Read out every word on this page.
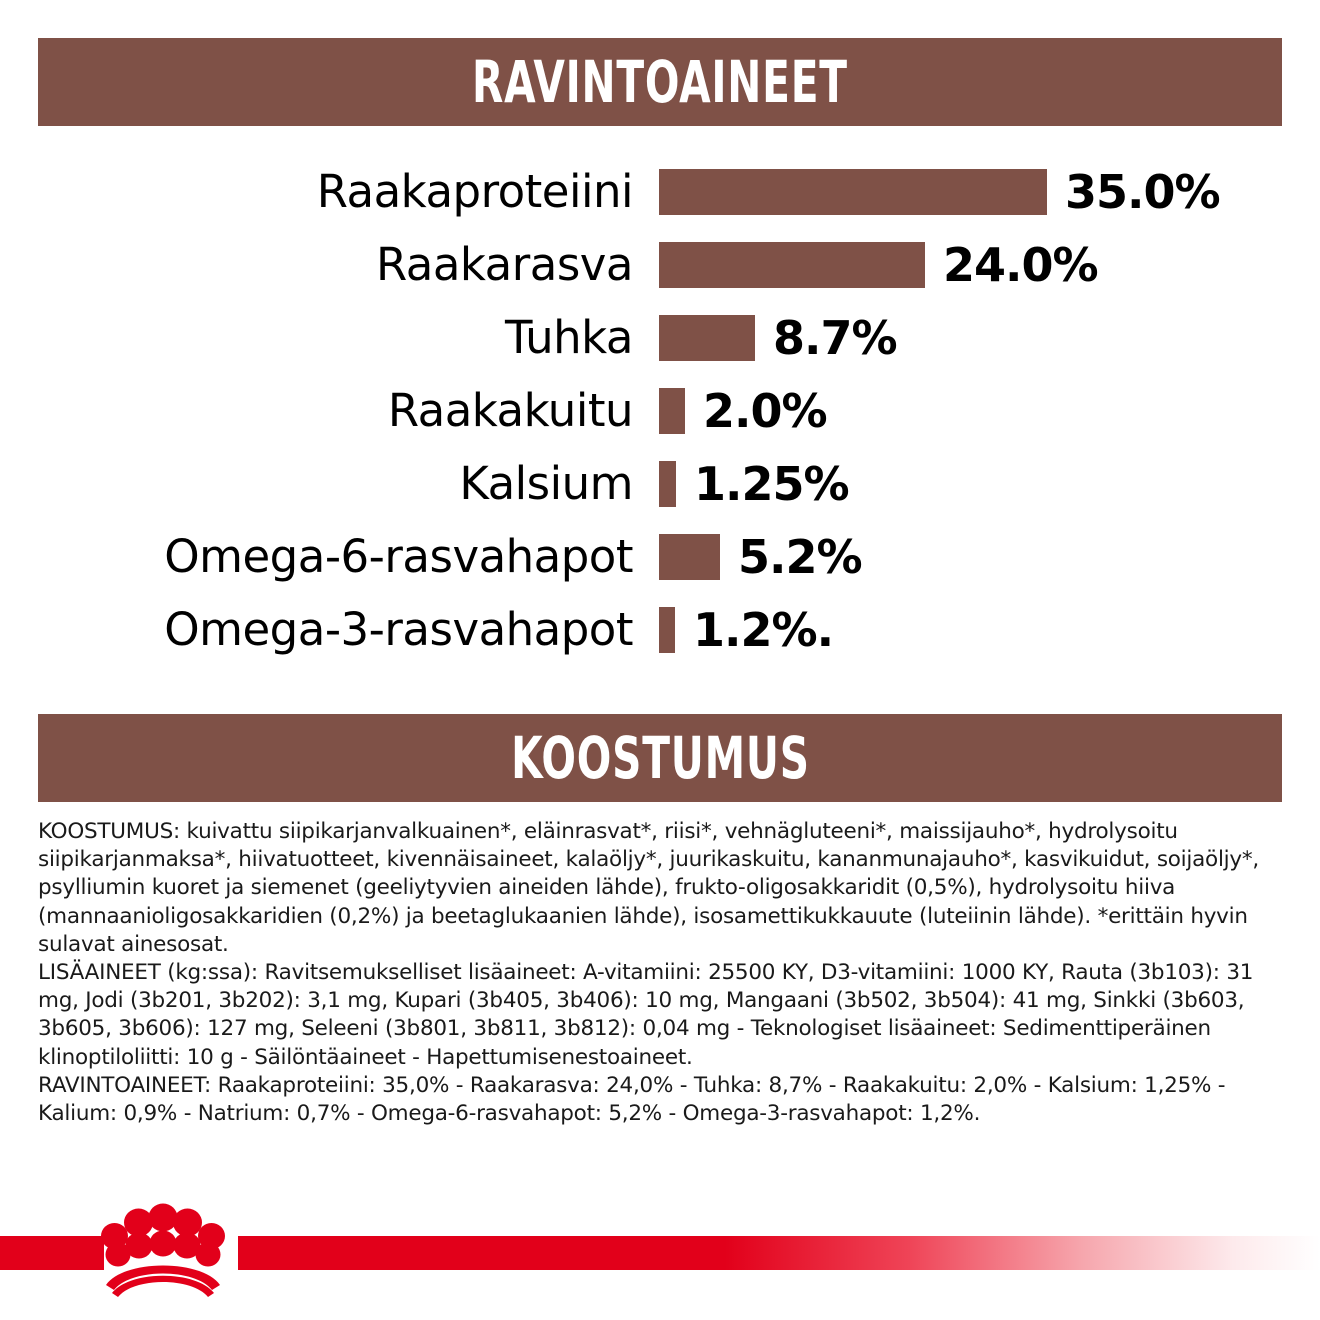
RAVINTOAINEET
Raakaproteiini	35.0%
Raakarasva	24.0%
Tuhka	8.7%
Raakakuitu 2.0%
Kalsium 1.25%
Omega-6-rasvahapot 5.2%
Omega-3-rasvahapot 1.2%.
KOOSTUMUS

KOOSTUMUS: kuivattu siipikarjanvalkuainen*, eläinrasvat*, riisi*, vehnägluteeni*, maissijauho*, hydrolysoitu siipikarjanmaksa*, hiivatuotteet, kivennäisaineet, kalaöljy*, juurikaskuitu, kananmunajauho*, kasvikuidut, soijaöljy*, psylliumin kuoret ja siemenet (geeliytyvien aineiden lähde), frukto-oligosakkaridit (0,5%), hydrolysoitu hiiva (mannaanioligosakkaridien (0,2%) ja beetaglukaanien lähde), isosamettikukkauute (luteiinin lähde). *erittäin hyvin sulavat ainesosat.

LISÄAINEET (kg:ssa): Ravitsemukselliset lisäaineet: A-vitamiini: 25500 KY, D3-vitamiini: 1000 KY, Rauta (3b103): 31 mg, Jodi (3b201, 3b202): 3,1 mg, Kupari (3b405, 3b406): 10 mg, Mangaani (3b502, 3b504): 41 mg, Sinkki (3b603, 3b605, 3b606): 127 mg, Seleeni (3b801, 3b811, 3b812): 0,04 mg - Teknologiset lisäaineet: Sedimenttiperäinen klinoptiloliitti: 10 g - Säilöntäaineet - Hapettumisenestoaineet.

RAVINTOAINEET: Raakaproteiini: 35,0% - Raakarasva: 24,0% - Tuhka: 8,7% - Raakakuitu: 2,0% - Kalsium: 1,25% - Kalium: 0,9% - Natrium: 0,7% - Omega-6-rasvahapot: 5,2% - Omega-3-rasvahapot: 1,2%.
